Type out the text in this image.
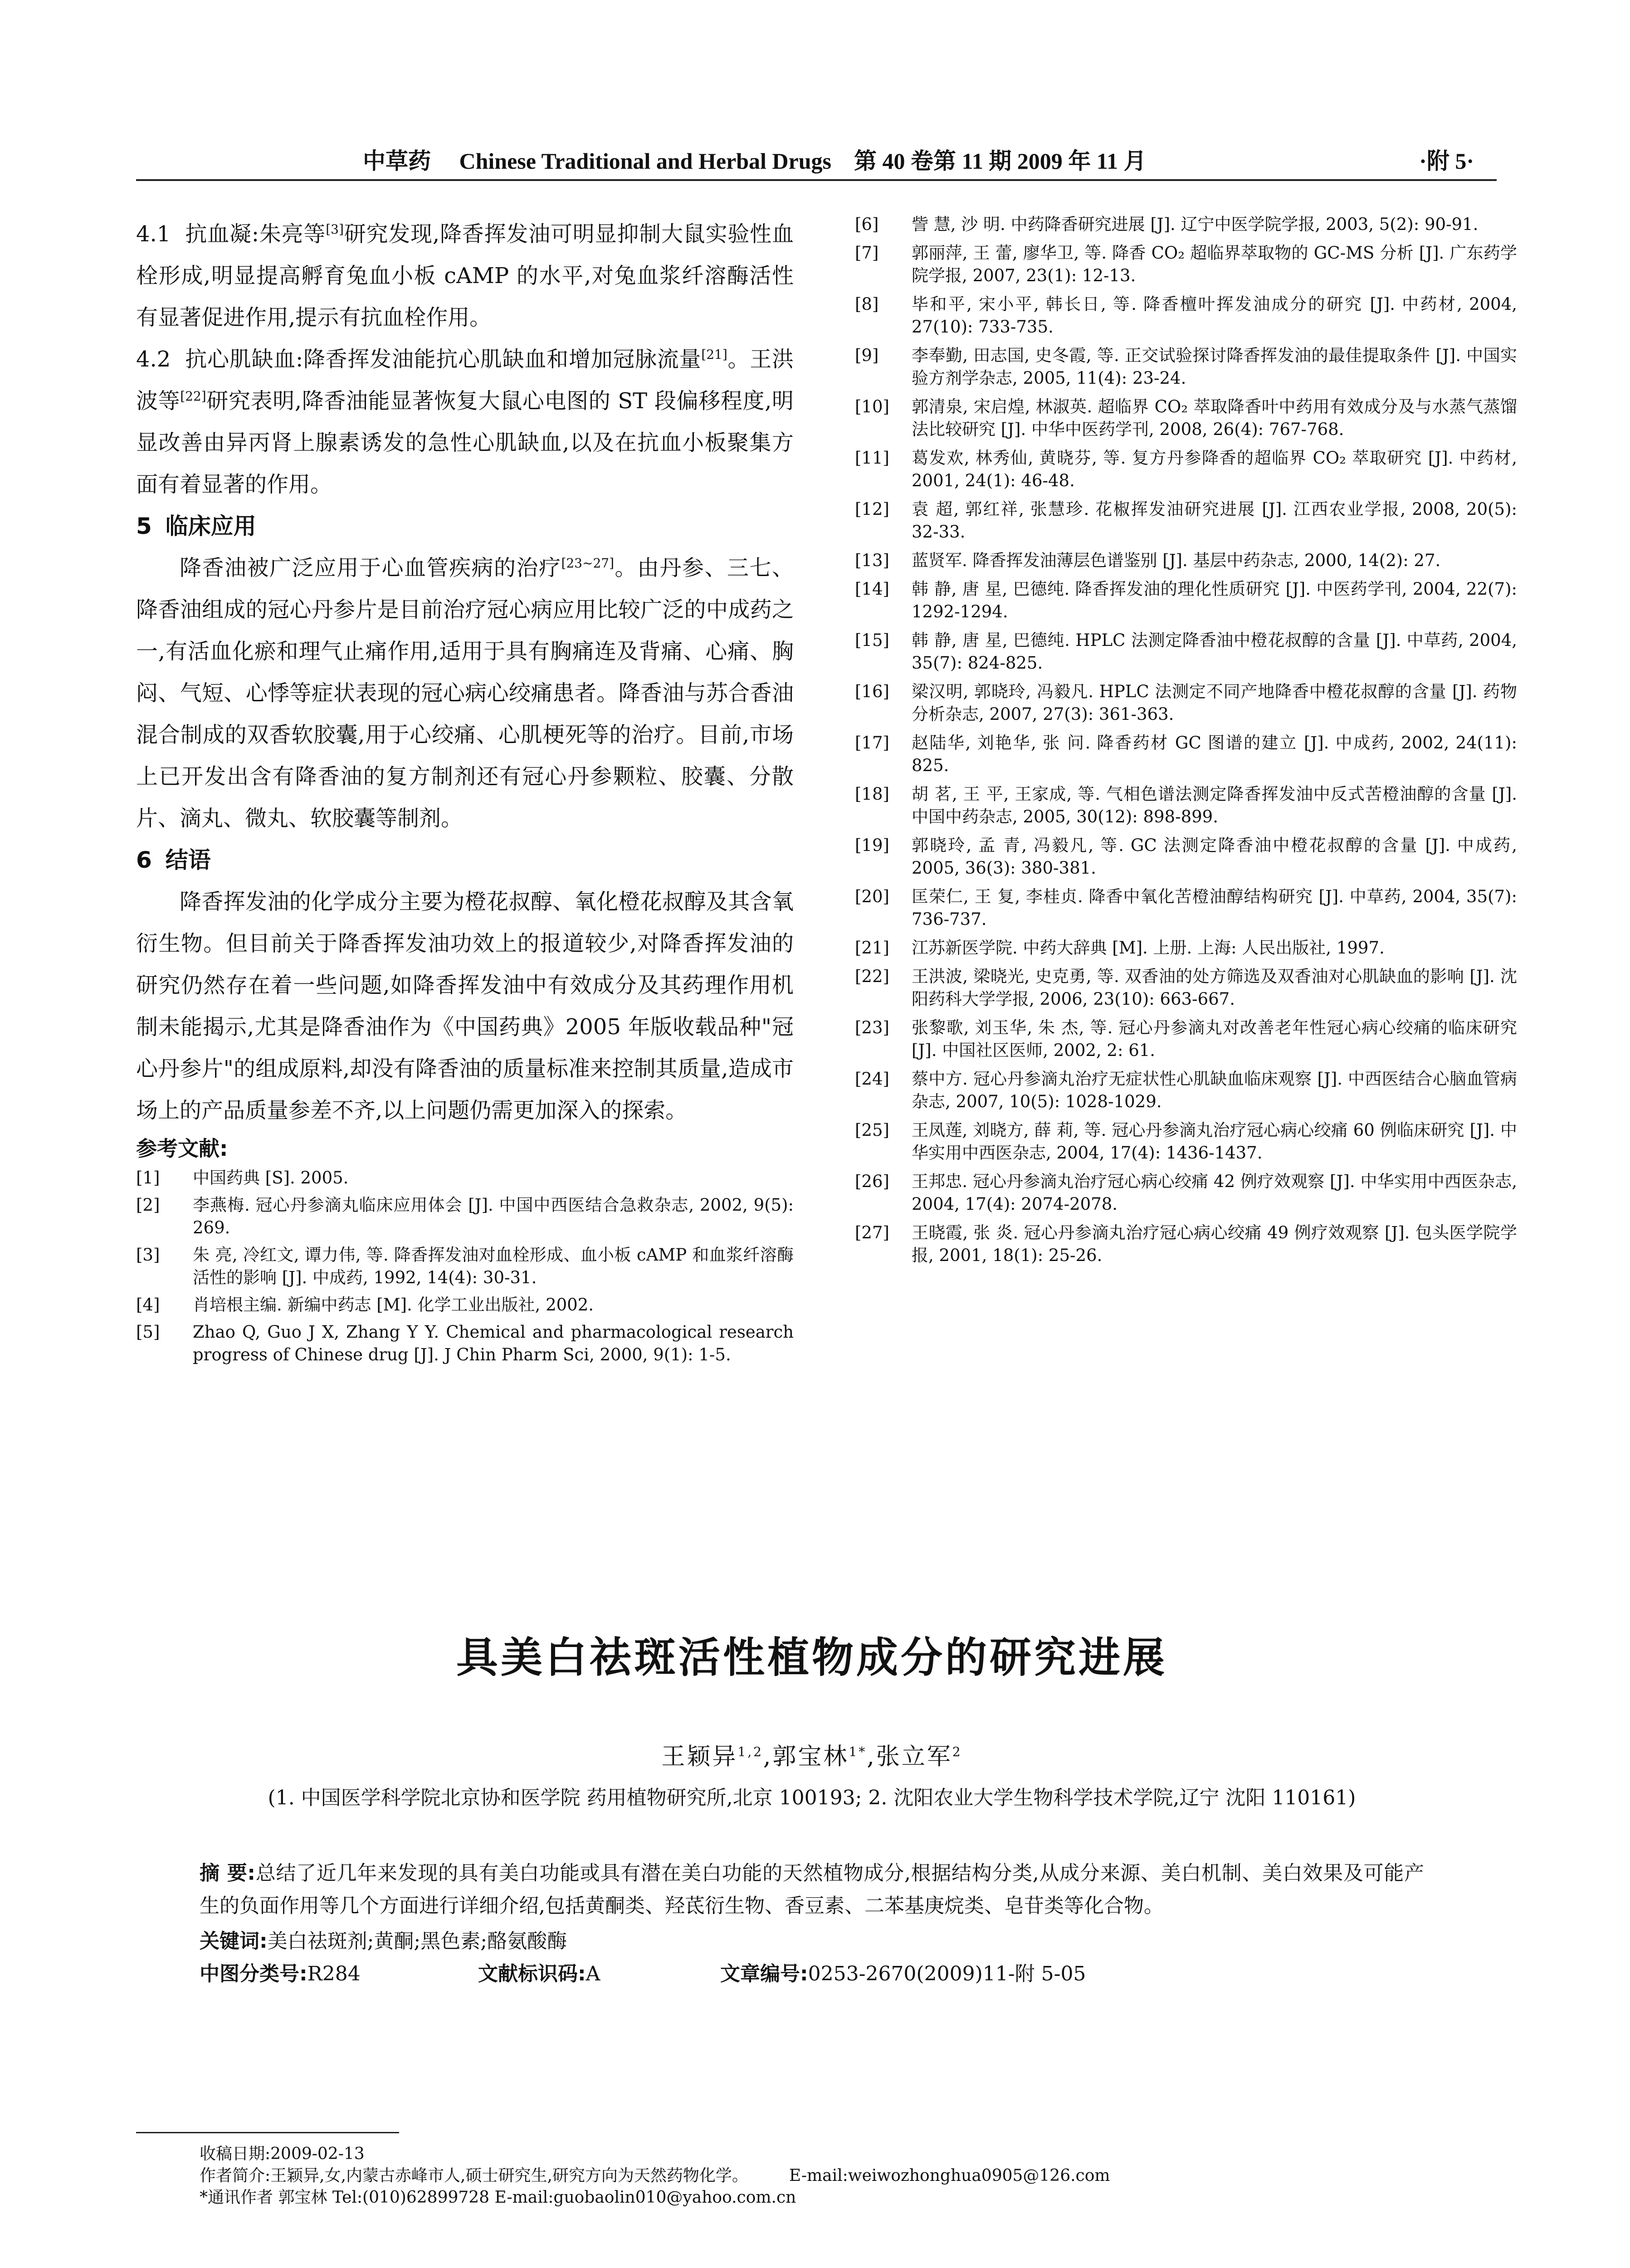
中草药 Chinese Traditional and Herbal Drugs 第 40 卷第 11 期 2009 年 11 月	·附 5·

4.1  抗血凝:朱亮等[3]研究发现,降香挥发油可明显抑制大鼠实验性血栓形成,明显提高孵育兔血小板 cAMP 的水平,对兔血浆纤溶酶活性有显著促进作用,提示有抗血栓作用。

4.2  抗心肌缺血:降香挥发油能抗心肌缺血和增加冠脉流量[21]。王洪波等[22]研究表明,降香油能显著恢复大鼠心电图的 ST 段偏移程度,明显改善由异丙肾上腺素诱发的急性心肌缺血,以及在抗血小板聚集方面有着显著的作用。

5 临床应用

降香油被广泛应用于心血管疾病的治疗[23~27]。由丹参、三七、降香油组成的冠心丹参片是目前治疗冠心病应用比较广泛的中成药之一,有活血化瘀和理气止痛作用,适用于具有胸痛连及背痛、心痛、胸闷、气短、心悸等症状表现的冠心病心绞痛患者。降香油与苏合香油混合制成的双香软胶囊,用于心绞痛、心肌梗死等的治疗。目前,市场上已开发出含有降香油的复方制剂还有冠心丹参颗粒、胶囊、分散片、滴丸、微丸、软胶囊等制剂。

6 结语

降香挥发油的化学成分主要为橙花叔醇、氧化橙花叔醇及其含氧衍生物。但目前关于降香挥发油功效上的报道较少,对降香挥发油的研究仍然存在着一些问题,如降香挥发油中有效成分及其药理作用机制未能揭示,尤其是降香油作为《中国药典》2005 年版收载品种"冠心丹参片"的组成原料,却没有降香油的质量标准来控制其质量,造成市场上的产品质量参差不齐,以上问题仍需更加深入的探索。

参考文献:
[1]	中国药典 [S]. 2005.
[2]	李燕梅. 冠心丹参滴丸临床应用体会 [J]. 中国中西医结合急救杂志, 2002, 9(5): 269.
[3]	朱 亮, 冷红文, 谭力伟, 等. 降香挥发油对血栓形成、血小板 cAMP 和血浆纤溶酶活性的影响 [J]. 中成药, 1992, 14(4): 30-31.
[4]	肖培根主编. 新编中药志 [M]. 化学工业出版社, 2002.
[5]	Zhao Q, Guo J X, Zhang Y Y. Chemical and pharmacological research progress of Chinese drug [J]. J Chin Pharm Sci, 2000, 9(1): 1-5.
[6]	訾 慧, 沙 明. 中药降香研究进展 [J]. 辽宁中医学院学报, 2003, 5(2): 90-91.
[7]	郭丽萍, 王 蕾, 廖华卫, 等. 降香 CO₂ 超临界萃取物的 GC-MS 分析 [J]. 广东药学院学报, 2007, 23(1): 12-13.
[8]	毕和平, 宋小平, 韩长日, 等. 降香檀叶挥发油成分的研究 [J]. 中药材, 2004, 27(10): 733-735.
[9]	李奉勤, 田志国, 史冬霞, 等. 正交试验探讨降香挥发油的最佳提取条件 [J]. 中国实验方剂学杂志, 2005, 11(4): 23-24.
[10]	郭清泉, 宋启煌, 林淑英. 超临界 CO₂ 萃取降香叶中药用有效成分及与水蒸气蒸馏法比较研究 [J]. 中华中医药学刊, 2008, 26(4): 767-768.
[11]	葛发欢, 林秀仙, 黄晓芬, 等. 复方丹参降香的超临界 CO₂ 萃取研究 [J]. 中药材, 2001, 24(1): 46-48.
[12]	袁 超, 郭红祥, 张慧珍. 花椒挥发油研究进展 [J]. 江西农业学报, 2008, 20(5): 32-33.
[13]	蓝贤军. 降香挥发油薄层色谱鉴别 [J]. 基层中药杂志, 2000, 14(2): 27.
[14]	韩 静, 唐 星, 巴德纯. 降香挥发油的理化性质研究 [J]. 中医药学刊, 2004, 22(7): 1292-1294.
[15]	韩 静, 唐 星, 巴德纯. HPLC 法测定降香油中橙花叔醇的含量 [J]. 中草药, 2004, 35(7): 824-825.
[16]	梁汉明, 郭晓玲, 冯毅凡. HPLC 法测定不同产地降香中橙花叔醇的含量 [J]. 药物分析杂志, 2007, 27(3): 361-363.
[17]	赵陆华, 刘艳华, 张 问. 降香药材 GC 图谱的建立 [J]. 中成药, 2002, 24(11): 825.
[18]	胡 茗, 王 平, 王家成, 等. 气相色谱法测定降香挥发油中反式苦橙油醇的含量 [J]. 中国中药杂志, 2005, 30(12): 898-899.
[19]	郭晓玲, 孟 青, 冯毅凡, 等. GC 法测定降香油中橙花叔醇的含量 [J]. 中成药, 2005, 36(3): 380-381.
[20]	匡荣仁, 王 复, 李桂贞. 降香中氧化苦橙油醇结构研究 [J]. 中草药, 2004, 35(7): 736-737.
[21]	江苏新医学院. 中药大辞典 [M]. 上册. 上海: 人民出版社, 1997.
[22]	王洪波, 梁晓光, 史克勇, 等. 双香油的处方筛选及双香油对心肌缺血的影响 [J]. 沈阳药科大学学报, 2006, 23(10): 663-667.
[23]	张黎歌, 刘玉华, 朱 杰, 等. 冠心丹参滴丸对改善老年性冠心病心绞痛的临床研究 [J]. 中国社区医师, 2002, 2: 61.
[24]	蔡中方. 冠心丹参滴丸治疗无症状性心肌缺血临床观察 [J]. 中西医结合心脑血管病杂志, 2007, 10(5): 1028-1029.
[25]	王凤莲, 刘晓方, 薛 莉, 等. 冠心丹参滴丸治疗冠心病心绞痛 60 例临床研究 [J]. 中华实用中西医杂志, 2004, 17(4): 1436-1437.
[26]	王邦忠. 冠心丹参滴丸治疗冠心病心绞痛 42 例疗效观察 [J]. 中华实用中西医杂志, 2004, 17(4): 2074-2078.
[27]	王晓霞, 张 炎. 冠心丹参滴丸治疗冠心病心绞痛 49 例疗效观察 [J]. 包头医学院学报, 2001, 18(1): 25-26.
具美白祛斑活性植物成分的研究进展
王颖异$^{1,2}$,郭宝林$^{1*}$,张立军$^2$
(1. 中国医学科学院北京协和医学院 药用植物研究所,北京 100193; 2. 沈阳农业大学生物科学技术学院,辽宁 沈阳 110161)
摘 要:总结了近几年来发现的具有美白功能或具有潜在美白功能的天然植物成分,根据结构分类,从成分来源、美白机制、美白效果及可能产生的负面作用等几个方面进行详细介绍,包括黄酮类、羟茋衍生物、香豆素、二苯基庚烷类、皂苷类等化合物。
关键词:美白祛斑剂;黄酮;黑色素;酪氨酸酶
中图分类号:R284	文献标识码:A	文章编号:0253-2670(2009)11-附 5-05
收稿日期:2009-02-13
作者简介:王颖异,女,内蒙古赤峰市人,硕士研究生,研究方向为天然药物化学。	E-mail:weiwozhonghua0905@126.com
*通讯作者 郭宝林 Tel:(010)62899728 E-mail:guobaolin010@yahoo.com.cn
